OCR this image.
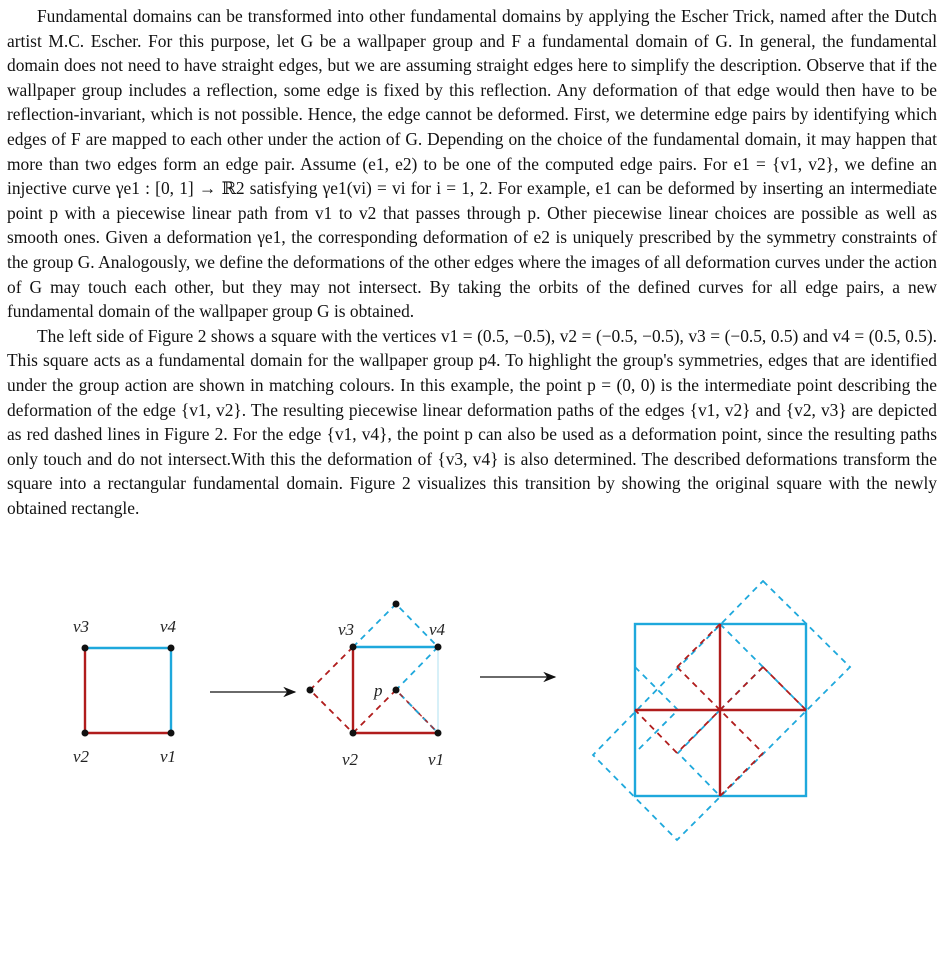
Fundamental domains can be transformed into other fundamental domains by applying the Escher Trick, named after the Dutch artist M.C. Escher. For this purpose, let G be a wallpaper group and F a fundamental domain of G. In general, the fundamental domain does not need to have straight edges, but we are assuming straight edges here to simplify the description. Observe that if the wallpaper group includes a reflection, some edge is fixed by this reflection. Any deformation of that edge would then have to be reflection-invariant, which is not possible. Hence, the edge cannot be deformed. First, we determine edge pairs by identifying which edges of F are mapped to each other under the action of G. Depending on the choice of the fundamental domain, it may happen that more than two edges form an edge pair. Assume (e1, e2) to be one of the computed edge pairs. For e1 = {v1, v2}, we define an injective curve γe1 : [0, 1] → ℝ2 satisfying γe1(vi) = vi for i = 1, 2. For example, e1 can be deformed by inserting an intermediate point p with a piecewise linear path from v1 to v2 that passes through p. Other piecewise linear choices are possible as well as smooth ones. Given a deformation γe1, the corresponding deformation of e2 is uniquely prescribed by the symmetry constraints of the group G. Analogously, we define the deformations of the other edges where the images of all deformation curves under the action of G may touch each other, but they may not intersect. By taking the orbits of the defined curves for all edge pairs, a new fundamental domain of the wallpaper group G is obtained.

The left side of Figure 2 shows a square with the vertices v1 = (0.5, −0.5), v2 = (−0.5, −0.5), v3 = (−0.5, 0.5) and v4 = (0.5, 0.5). This square acts as a fundamental domain for the wallpaper group p4. To highlight the group's symmetries, edges that are identified under the group action are shown in matching colours. In this example, the point p = (0, 0) is the intermediate point describing the deformation of the edge {v1, v2}. The resulting piecewise linear deformation paths of the edges {v1, v2} and {v2, v3} are depicted as red dashed lines in Figure 2. For the edge {v1, v4}, the point p can also be used as a deformation point, since the resulting paths only touch and do not intersect.With this the deformation of {v3, v4} is also determined. The described deformations transform the square into a rectangular fundamental domain. Figure 2 visualizes this transition by showing the original square with the newly obtained rectangle.

v3	v4
v2	v1
v3	v4
p
v2	v1
